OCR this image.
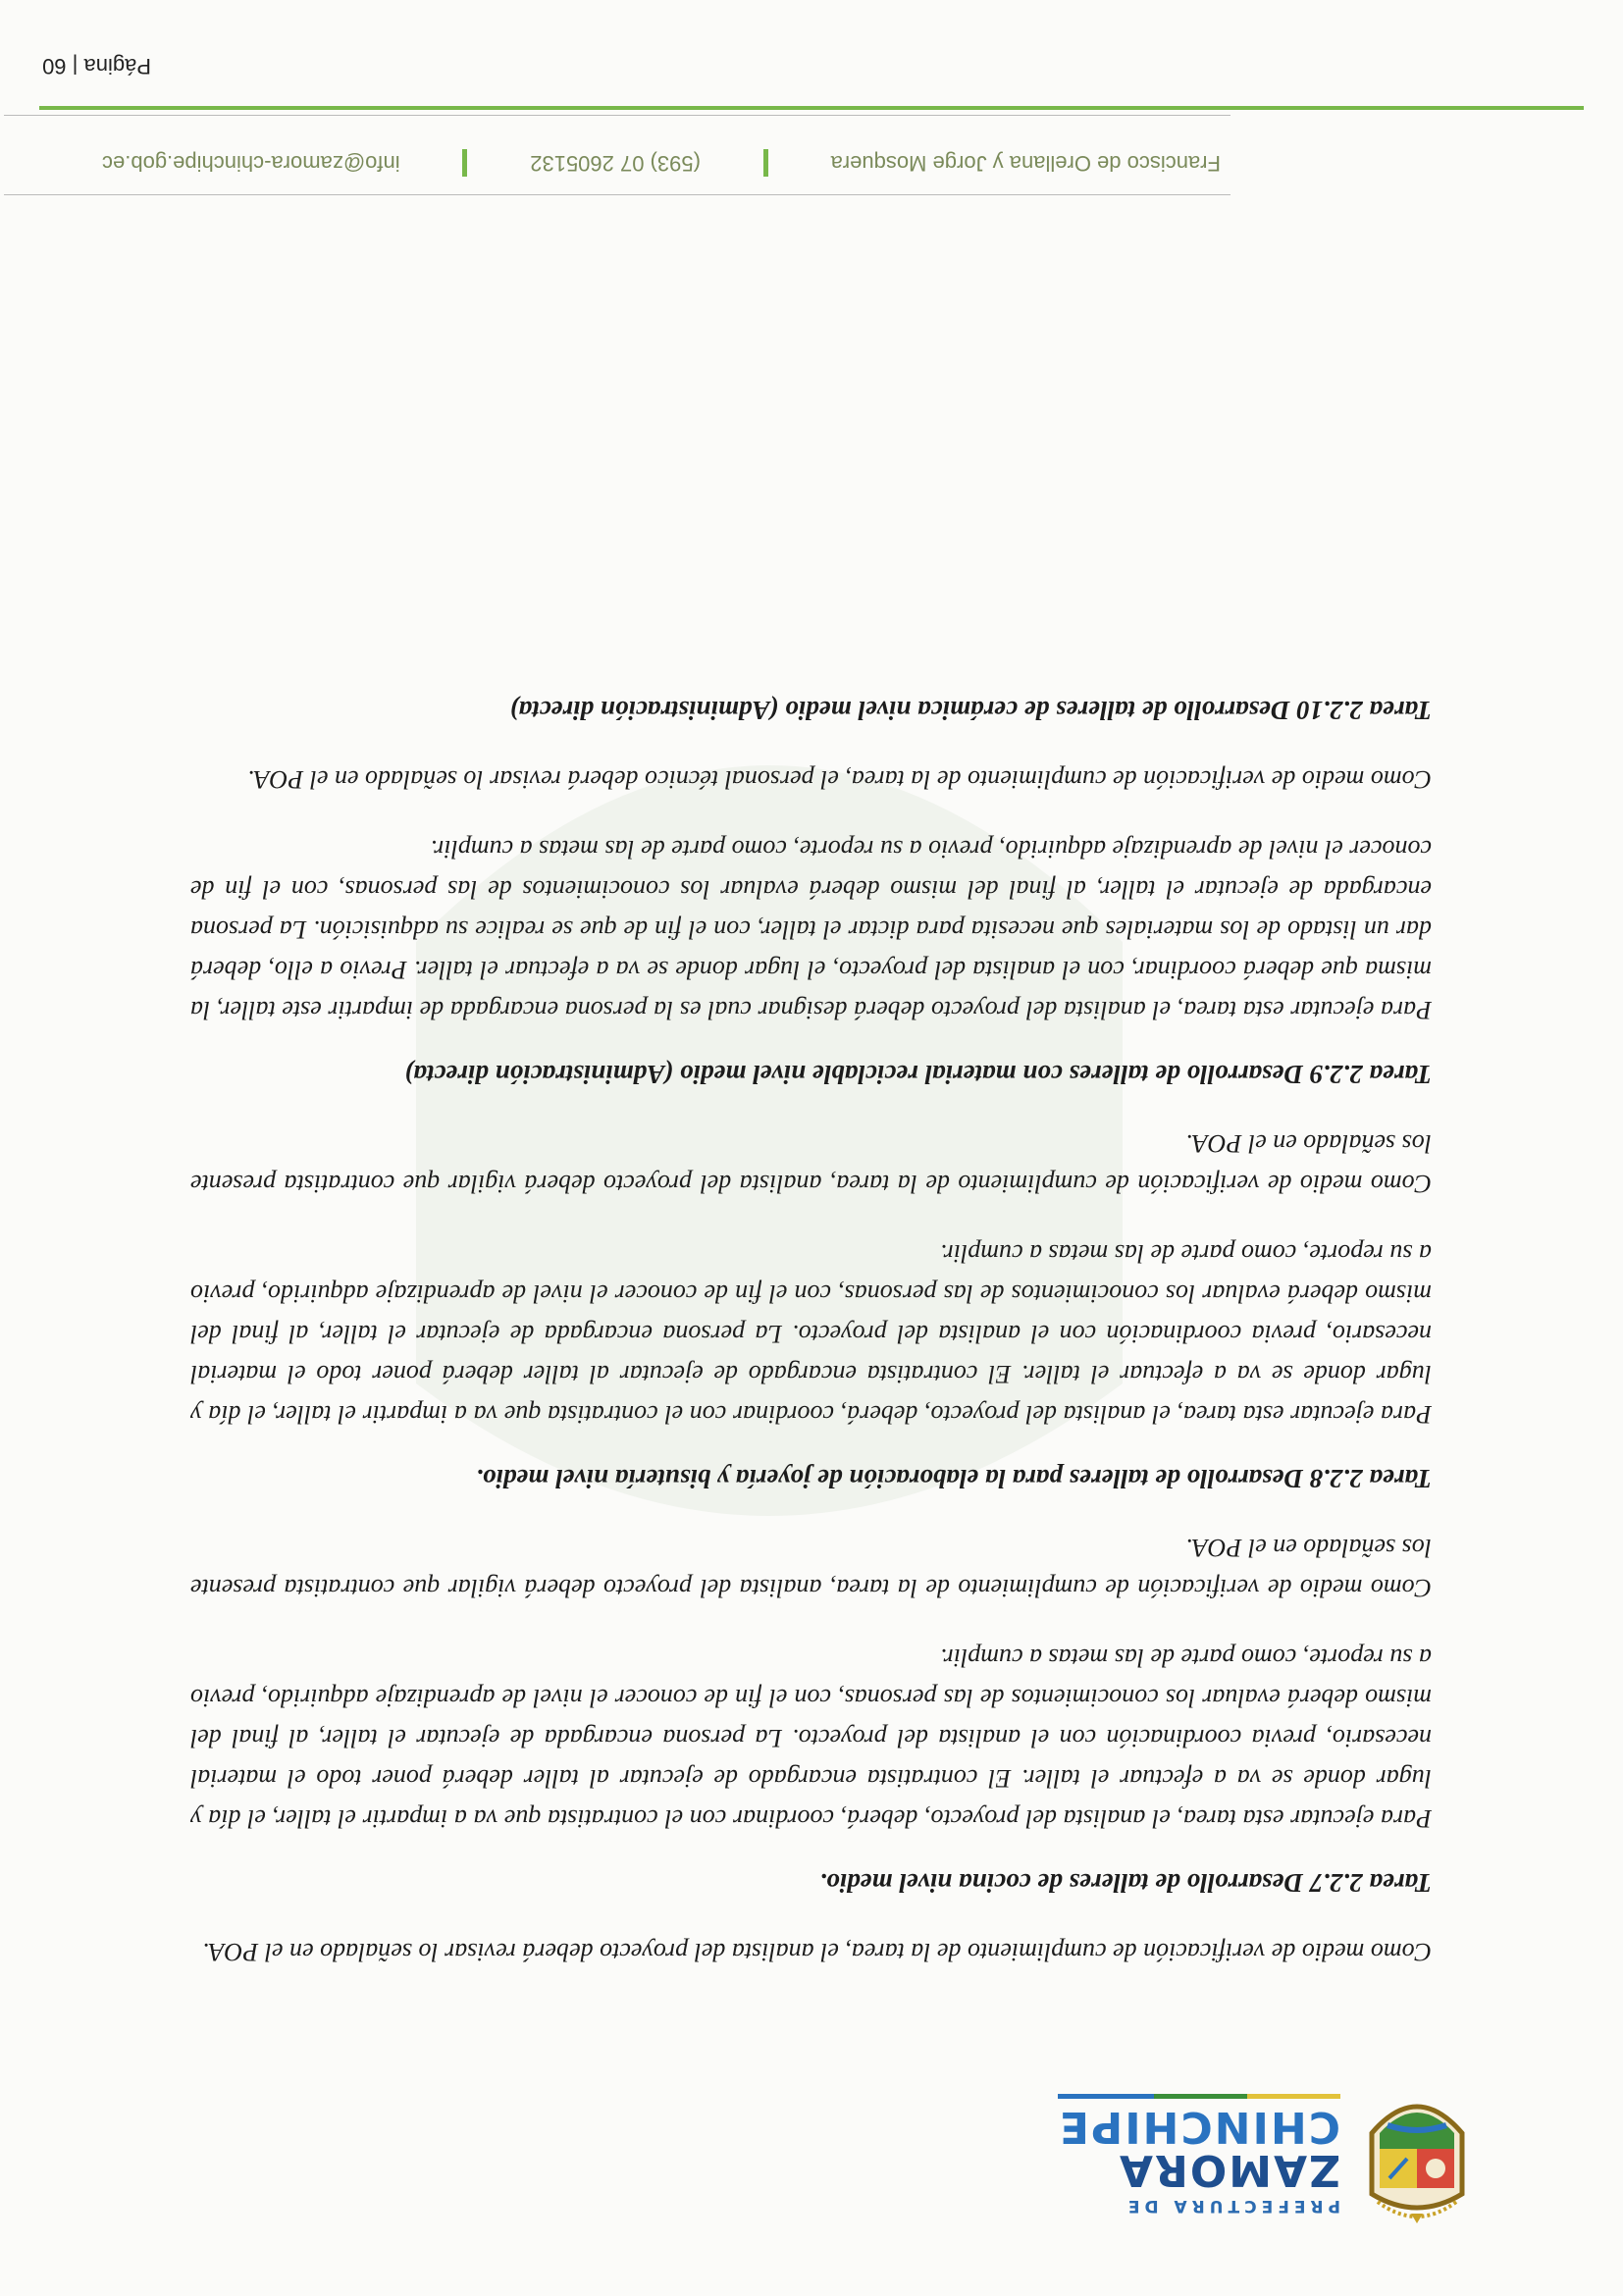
PREFECTURA DE
ZAMORA
CHINCHIPE

Como medio de verificación de cumplimiento de la tarea, el analista del proyecto deberá revisar lo señalado en el POA.

Tarea 2.2.7 Desarrollo de talleres de cocina nivel medio.

Para ejecutar esta tarea, el analista del proyecto, deberá, coordinar con el contratista que va a impartir el taller, el día y lugar donde se va a efectuar el taller. El contratista encargado de ejecutar al taller deberá poner todo el material necesario, previa coordinación con el analista del proyecto. La persona encargada de ejecutar el taller, al final del mismo deberá evaluar los conocimientos de las personas, con el fin de conocer el nivel de aprendizaje adquirido, previo a su reporte, como parte de las metas a cumplir.

Como medio de verificación de cumplimiento de la tarea, analista del proyecto deberá vigilar que contratista presente los señalado en el POA.

Tarea 2.2.8 Desarrollo de talleres para la elaboración de joyería y bisutería nivel medio.

Para ejecutar esta tarea, el analista del proyecto, deberá, coordinar con el contratista que va a impartir el taller, el día y lugar donde se va a efectuar el taller. El contratista encargado de ejecutar al taller deberá poner todo el material necesario, previa coordinación con el analista del proyecto. La persona encargada de ejecutar el taller, al final del mismo deberá evaluar los conocimientos de las personas, con el fin de conocer el nivel de aprendizaje adquirido, previo a su reporte, como parte de las metas a cumplir.

Como medio de verificación de cumplimiento de la tarea, analista del proyecto deberá vigilar que contratista presente los señalado en el POA.

Tarea 2.2.9 Desarrollo de talleres con material reciclable nivel medio (Administración directa)

Para ejecutar esta tarea, el analista del proyecto deberá designar cual es la persona encargada de impartir este taller, la misma que deberá coordinar, con el analista del proyecto, el lugar donde se va a efectuar el taller. Previo a ello, deberá dar un listado de los materiales que necesita para dictar el taller, con el fin de que se realice su adquisición. La persona encargada de ejecutar el taller, al final del mismo deberá evaluar los conocimientos de las personas, con el fin de conocer el nivel de aprendizaje adquirido, previo a su reporte, como parte de las metas a cumplir.

Como medio de verificación de cumplimiento de la tarea, el personal técnico deberá revisar lo señalado en el POA.

Tarea 2.2.10 Desarrollo de talleres de cerámica nivel medio (Administración directa)
Francisco de Orellana y Jorge Mosquera
(593) 07 2605132
info@zamora-chinchipe.gob.ec
Página | 60
